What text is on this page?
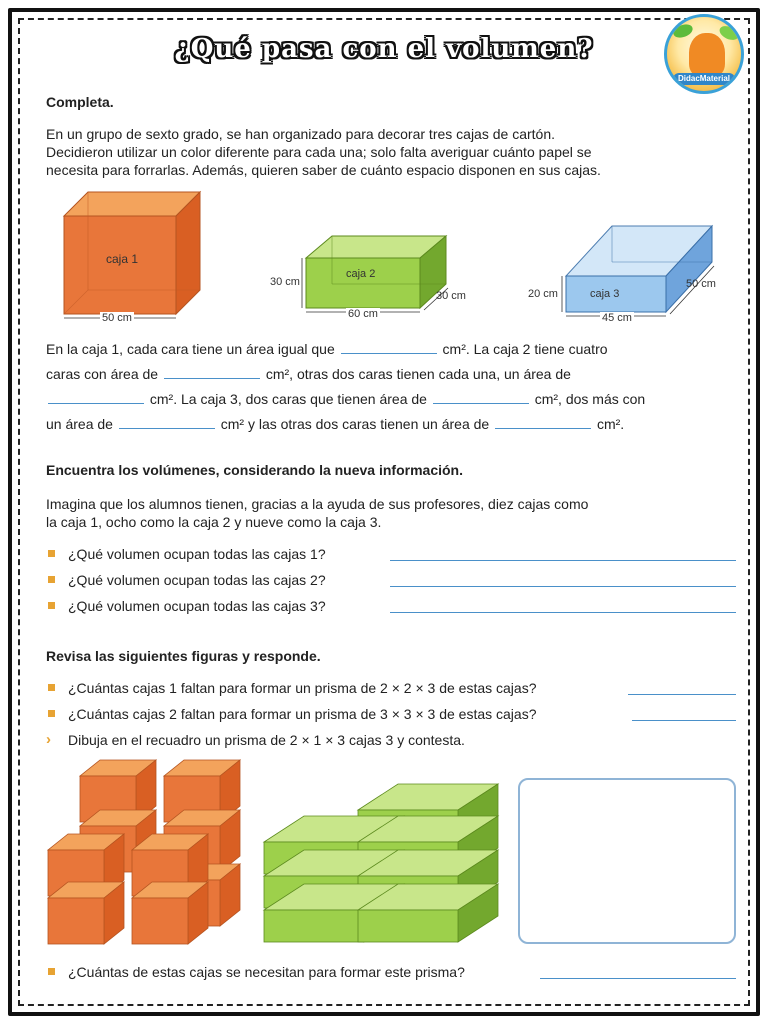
¿Qué pasa con el volumen?
DidacMaterial
Completa.
En un grupo de sexto grado, se han organizado para decorar tres cajas de cartón.
Decidieron utilizar un color diferente para cada una; solo falta averiguar cuánto papel se
necesita para forrarlas. Además, quieren saber de cuánto espacio disponen en sus cajas.
caja 1
50 cm
caja 2
30 cm
30 cm
60 cm
caja 3
20 cm
50 cm
45 cm
En la caja 1, cada cara tiene un área igual que	cm². La caja 2 tiene cuatro
caras con área de	cm², otras dos caras tienen cada una, un área de
cm². La caja 3, dos caras que tienen área de	cm², dos más con
un área de	cm² y las otras dos caras tienen un área de	cm².
Encuentra los volúmenes, considerando la nueva información.
Imagina que los alumnos tienen, gracias a la ayuda de sus profesores, diez cajas como
la caja 1, ocho como la caja 2 y nueve como la caja 3.
¿Qué volumen ocupan todas las cajas 1?
¿Qué volumen ocupan todas las cajas 2?
¿Qué volumen ocupan todas las cajas 3?
Revisa las siguientes figuras y responde.
¿Cuántas cajas 1 faltan para formar un prisma de 2 × 2 × 3 de estas cajas?
¿Cuántas cajas 2 faltan para formar un prisma de 3 × 3 × 3 de estas cajas?
› Dibuja en el recuadro un prisma de 2 × 1 × 3 cajas 3 y contesta.
¿Cuántas de estas cajas se necesitan para formar este prisma?
